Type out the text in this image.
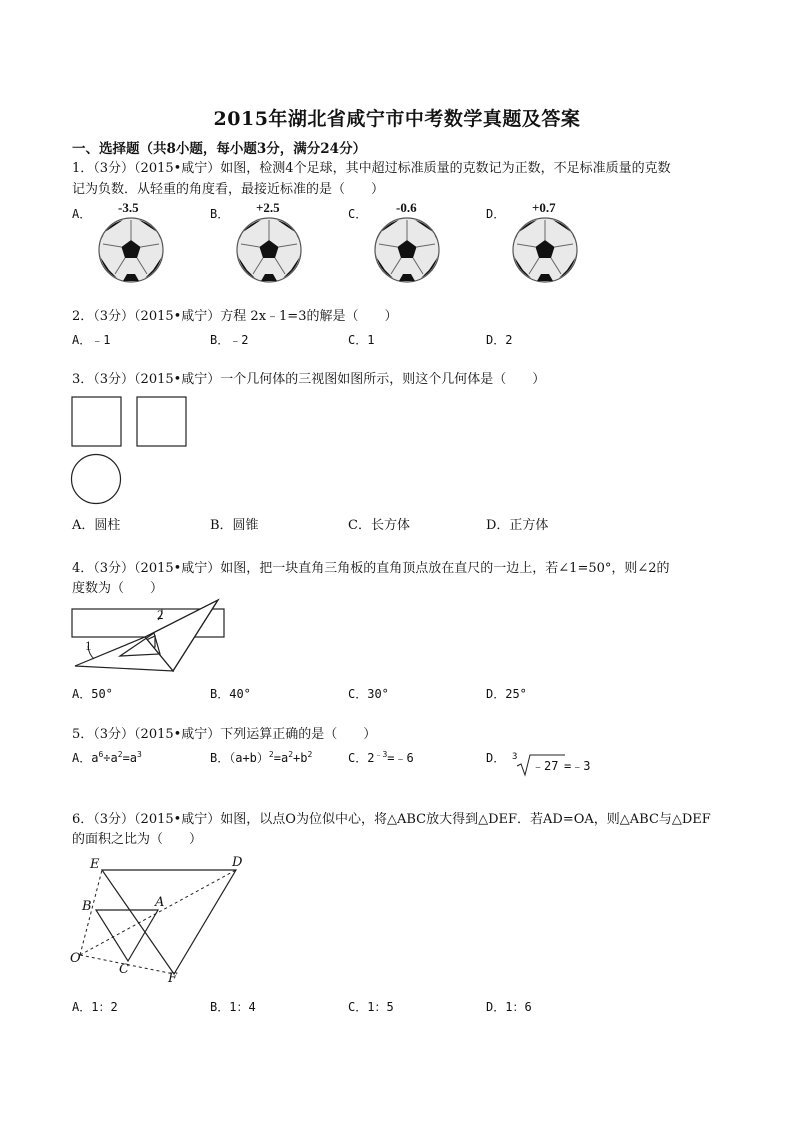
2015年湖北省咸宁市中考数学真题及答案
一、选择题（共8小题，每小题3分，满分24分）
1．（3分）（2015•咸宁）如图，检测4个足球，其中超过标准质量的克数记为正数，不足标准质量的克数
记为负数．从轻重的角度看，最接近标准的是（　　）
A．	B．	C．	D．
-3.5	+2.5	-0.6	+0.7
2．（3分）（2015•咸宁）方程 2x﹣1=3的解是（　　）
A．﹣1	B．﹣2	C．1	D．2
3．（3分）（2015•咸宁）一个几何体的三视图如图所示，则这个几何体是（　　）
A．圆柱	B．圆锥	C．长方体	D．正方体
4．（3分）（2015•咸宁）如图，把一块直角三角板的直角顶点放在直尺的一边上，若∠1=50°，则∠2的
度数为（　　）
1
2
A．50°	B．40°	C．30°	D．25°
5．（3分）（2015•咸宁）下列运算正确的是（　　）
A．$a^6\div a^2=a^3$	B．$(a+b)^2=a^2+b^2$	C．$2^{﹣3}=﹣6$	D． 3
﹣27 =﹣3
6．（3分）（2015•咸宁）如图，以点O为位似中心，将△ABC放大得到△DEF．若AD=OA，则△ABC与△DEF
的面积之比为（　　）
E	D
B	A
O
C
F
A．1：2	B．1：4	C．1：5	D．1：6
